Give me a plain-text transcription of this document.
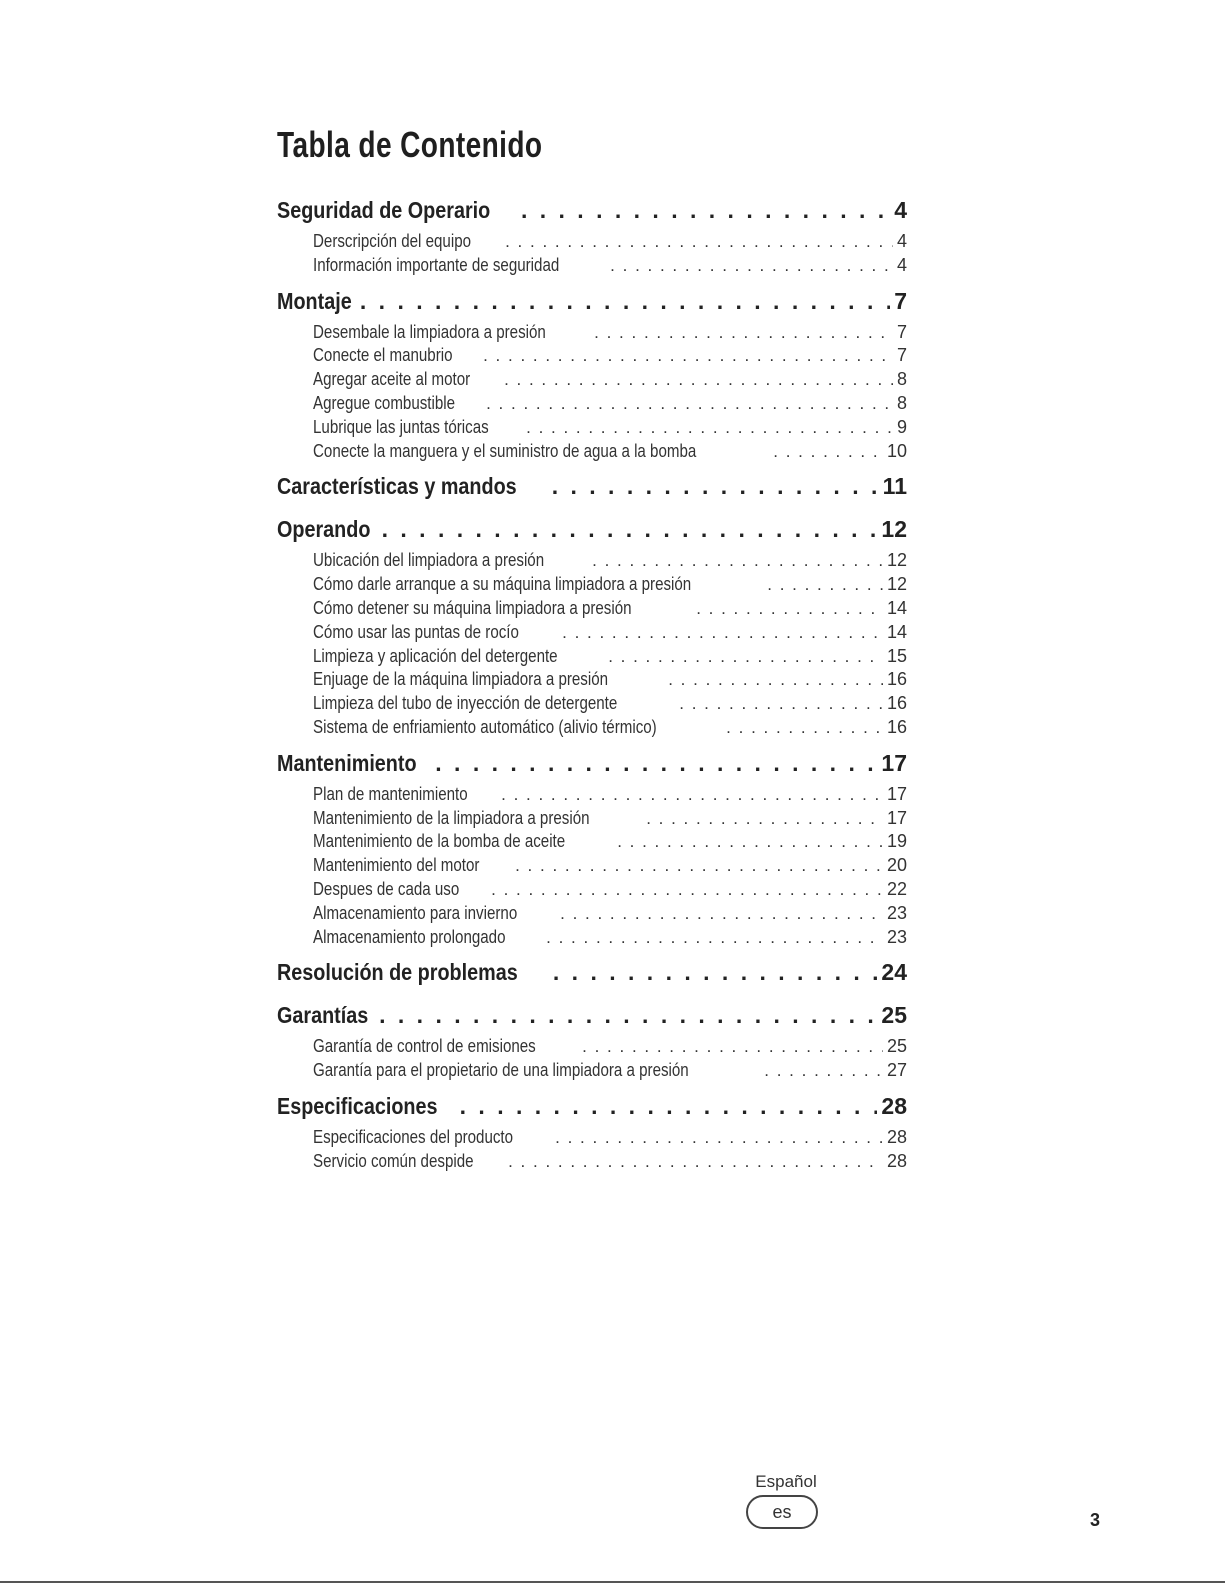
Tabla de Contenido
Seguridad de Operario . . .	4
Derscripción del equipo . . .	4
Información importante de seguridad . . .	4
Montaje . . .	7
Desembale la limpiadora a presión . . .	7
Conecte el manubrio . . .	7
Agregar aceite al motor . . .	8
Agregue combustible . . .	8
Lubrique las juntas tóricas . . .	9
Conecte la manguera y el suministro de agua a la bomba . . .	10
Características y mandos . . .	11
Operando . . .	12
Ubicación del limpiadora a presión . . .	12
Cómo darle arranque a su máquina limpiadora a presión . . .	12
Cómo detener su máquina limpiadora a presión . . .	14
Cómo usar las puntas de rocío . . .	14
Limpieza y aplicación del detergente . . .	15
Enjuage de la máquina limpiadora a presión . . .	16
Limpieza del tubo de inyección de detergente . . .	16
Sistema de enfriamiento automático (alivio térmico) . . .	16
Mantenimiento . . .	17
Plan de mantenimiento . . .	17
Mantenimiento de la limpiadora a presión . . .	17
Mantenimiento de la bomba de aceite . . .	19
Mantenimiento del motor . . .	20
Despues de cada uso . . .	22
Almacenamiento para invierno . . .	23
Almacenamiento prolongado . . .	23
Resolución de problemas . . .	24
Garantías . . .	25
Garantía de control de emisiones . . .	25
Garantía para el propietario de una limpiadora a presión . . .	27
Especificaciones . . .	28
Especificaciones del producto . . .	28
Servicio común despide . . .	28
Español
es	3
